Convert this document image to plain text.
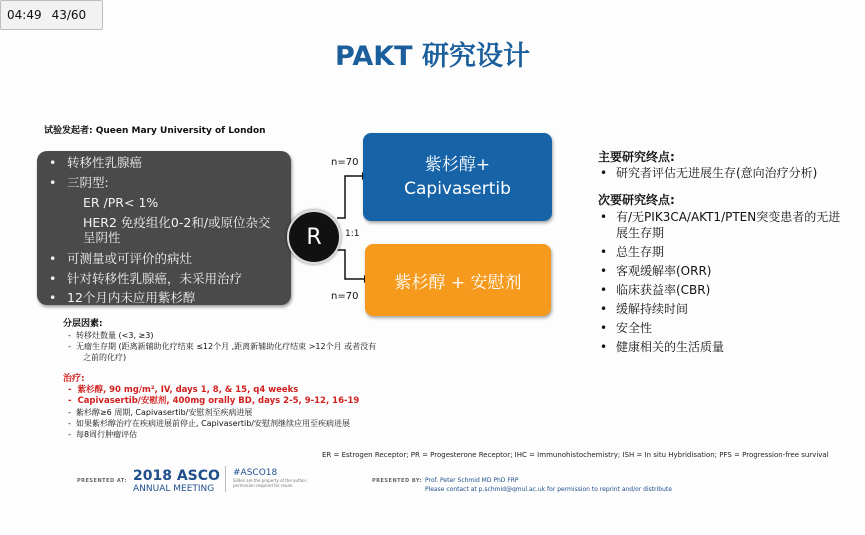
04:49 43/60
PAKT 研究设计
试验发起者: Queen Mary University of London
• 转移性乳腺癌
• 三阴型:
ER /PR< 1%
HER2 免疫组化0-2和/或原位杂交呈阴性
• 可测量或可评价的病灶
• 针对转移性乳腺癌，未采用治疗
• 12个月内未应用紫杉醇
R
n=70
1:1
n=70
紫杉醇+
Capivasertib
紫杉醇 + 安慰剂
主要研究终点:
• 研究者评估无进展生存(意向治疗分析)
次要研究终点:
• 有/无PIK3CA/AKT1/PTEN突变患者的无进展生存期
• 总生存期
• 客观缓解率(ORR)
• 临床获益率(CBR)
• 缓解持续时间
• 安全性
• 健康相关的生活质量
分层因素:
-  转移灶数量 (<3, ≥3)
-  无瘤生存期 (距离新辅助化疗结束 ≤12个月 ,距离新辅助化疗结束 >12个月 或者没有
之前的化疗)
治疗:
-  紫杉醇, 90 mg/m², IV, days 1, 8, & 15, q4 weeks
-  Capivasertib/安慰剂, 400mg orally BD, days 2-5, 9-12, 16-19
-  紫杉醇≥6 周期, Capivasertib/安慰剂至疾病进展
-  如果紫杉醇治疗在疾病进展前停止, Capivasertib/安慰剂继续应用至疾病进展
-  每8周行肿瘤评估
ER = Estrogen Receptor; PR = Progesterone Receptor; IHC = Immunohistochemistry; ISH = In situ Hybridisation; PFS = Progression-free survival
PRESENTED AT: 2018 ASCO
ANNUAL MEETING
#ASCO18
Slides are the property of the author, permission required for reuse.
PRESENTED BY: Prof. Peter Schmid MD PhD FRP
Please contact at p.schmid@qmul.ac.uk for permission to reprint and/or distribute
